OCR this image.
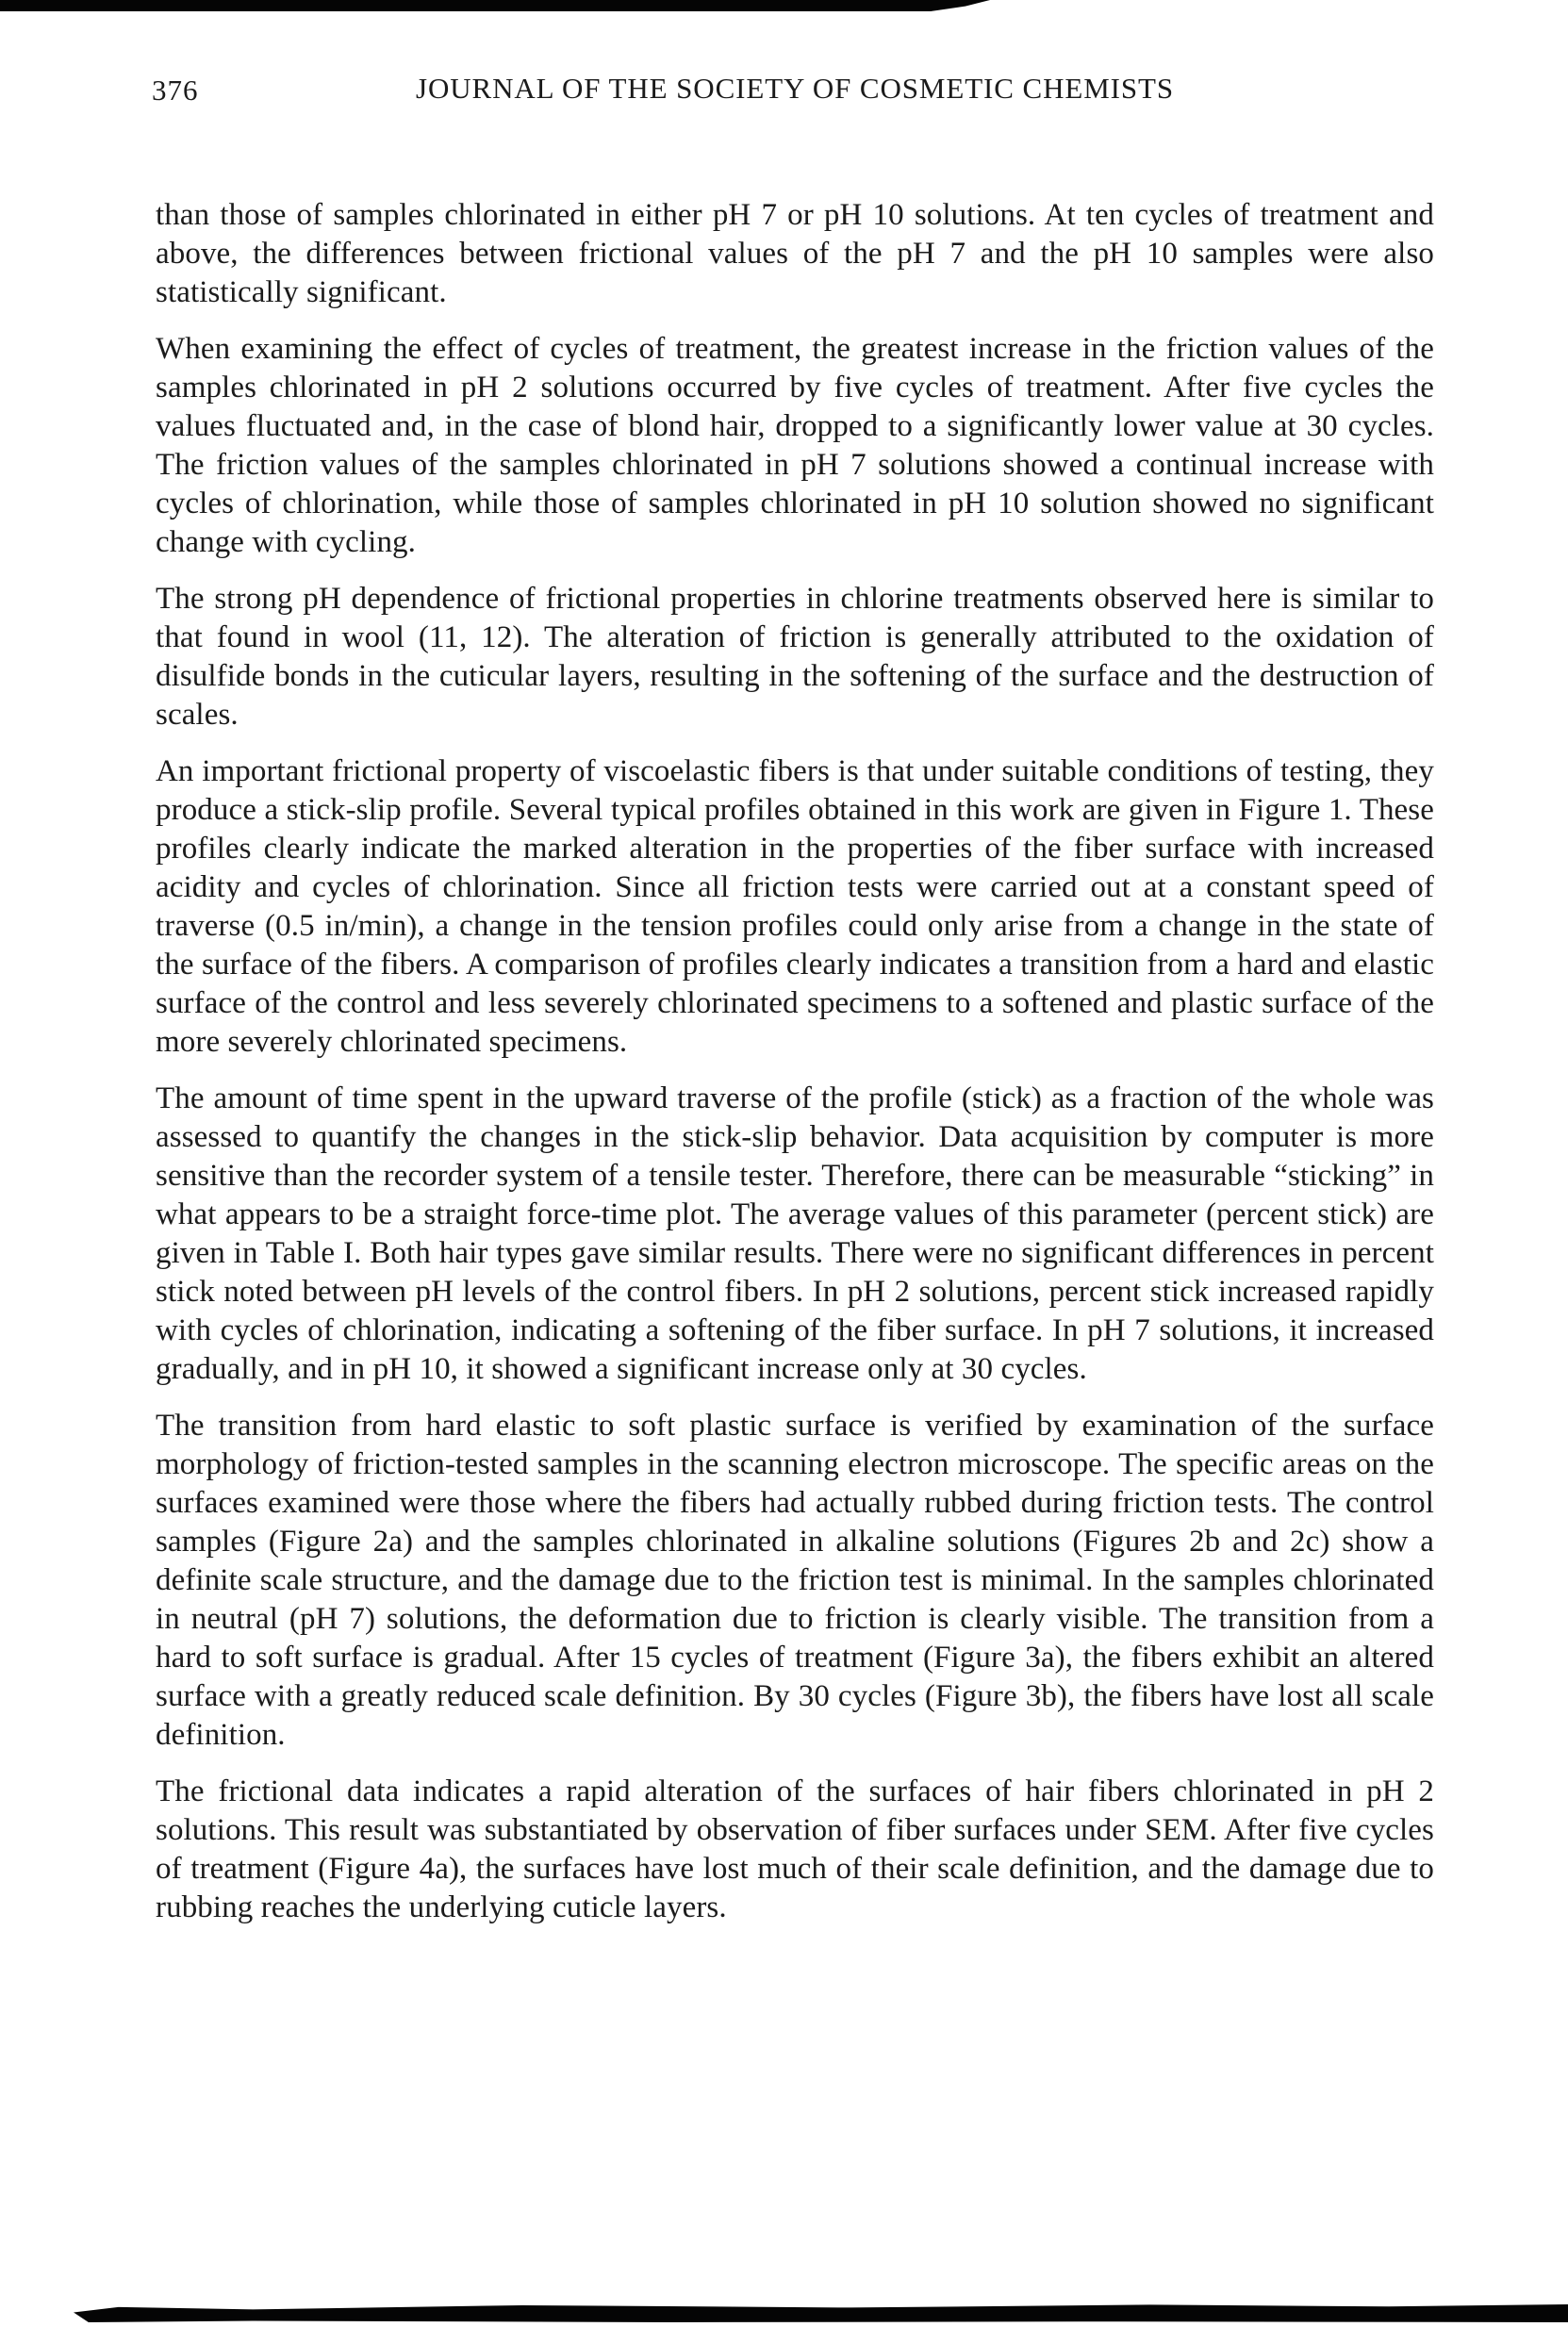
376	JOURNAL OF THE SOCIETY OF COSMETIC CHEMISTS

than those of samples chlorinated in either pH 7 or pH 10 solutions. At ten cycles of treatment and above, the differences between frictional values of the pH 7 and the pH 10 samples were also statistically significant.

When examining the effect of cycles of treatment, the greatest increase in the friction values of the samples chlorinated in pH 2 solutions occurred by five cycles of treatment. After five cycles the values fluctuated and, in the case of blond hair, dropped to a significantly lower value at 30 cycles. The friction values of the samples chlorinated in pH 7 solutions showed a continual increase with cycles of chlorination, while those of samples chlorinated in pH 10 solution showed no significant change with cycling.

The strong pH dependence of frictional properties in chlorine treatments observed here is similar to that found in wool (11, 12). The alteration of friction is generally attributed to the oxidation of disulfide bonds in the cuticular layers, resulting in the softening of the surface and the destruction of scales.

An important frictional property of viscoelastic fibers is that under suitable conditions of testing, they produce a stick-slip profile. Several typical profiles obtained in this work are given in Figure 1. These profiles clearly indicate the marked alteration in the properties of the fiber surface with increased acidity and cycles of chlorination. Since all friction tests were carried out at a constant speed of traverse (0.5 in/min), a change in the tension profiles could only arise from a change in the state of the surface of the fibers. A comparison of profiles clearly indicates a transition from a hard and elastic surface of the control and less severely chlorinated specimens to a softened and plastic surface of the more severely chlorinated specimens.

The amount of time spent in the upward traverse of the profile (stick) as a fraction of the whole was assessed to quantify the changes in the stick-slip behavior. Data acquisition by computer is more sensitive than the recorder system of a tensile tester. Therefore, there can be measurable “sticking” in what appears to be a straight force-time plot. The average values of this parameter (percent stick) are given in Table I. Both hair types gave similar results. There were no significant differences in percent stick noted between pH levels of the control fibers. In pH 2 solutions, percent stick increased rapidly with cycles of chlorination, indicating a softening of the fiber surface. In pH 7 solutions, it increased gradually, and in pH 10, it showed a significant increase only at 30 cycles.

The transition from hard elastic to soft plastic surface is verified by examination of the surface morphology of friction-tested samples in the scanning electron microscope. The specific areas on the surfaces examined were those where the fibers had actually rubbed during friction tests. The control samples (Figure 2a) and the samples chlorinated in alkaline solutions (Figures 2b and 2c) show a definite scale structure, and the damage due to the friction test is minimal. In the samples chlorinated in neutral (pH 7) solutions, the deformation due to friction is clearly visible. The transition from a hard to soft surface is gradual. After 15 cycles of treatment (Figure 3a), the fibers exhibit an altered surface with a greatly reduced scale definition. By 30 cycles (Figure 3b), the fibers have lost all scale definition.

The frictional data indicates a rapid alteration of the surfaces of hair fibers chlorinated in pH 2 solutions. This result was substantiated by observation of fiber surfaces under SEM. After five cycles of treatment (Figure 4a), the surfaces have lost much of their scale definition, and the damage due to rubbing reaches the underlying cuticle layers.
